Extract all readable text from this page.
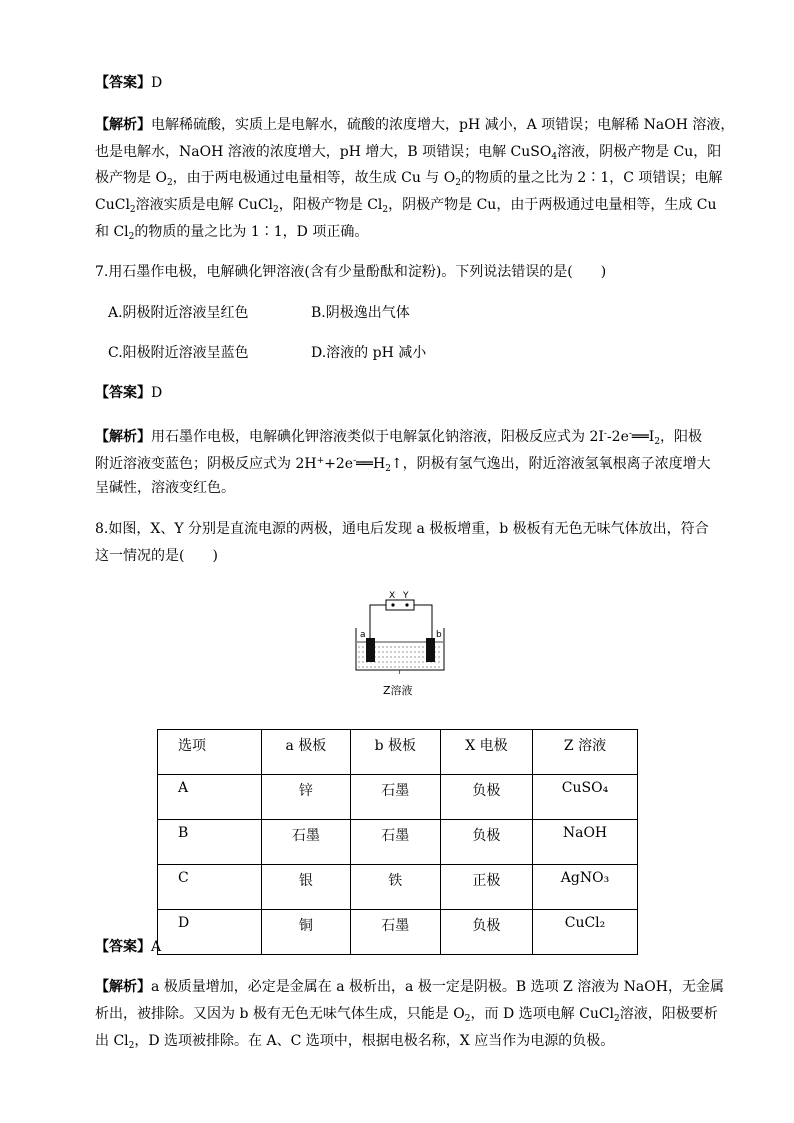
【答案】D
【解析】电解稀硫酸，实质上是电解水，硫酸的浓度增大，pH 减小，A 项错误；电解稀 NaOH 溶液，
也是电解水，NaOH 溶液的浓度增大，pH 增大，B 项错误；电解 CuSO$_4$溶液，阴极产物是 Cu，阳
极产物是 $O_2$，由于两电极通过电量相等，故生成 Cu 与 $O_2$的物质的量之比为 2∶1，C 项错误；电解
CuCl$_2$溶液实质是电解 CuCl$_2$，阳极产物是 $Cl_2$，阴极产物是 Cu，由于两极通过电量相等，生成 Cu
和 $Cl_2$的物质的量之比为 1∶1，D 项正确。
7.用石墨作电极，电解碘化钾溶液(含有少量酚酞和淀粉)。下列说法错误的是(　　)
A.阴极附近溶液呈红色	B.阴极逸出气体
C.阳极附近溶液呈蓝色	D.溶液的 pH 减小
【答案】D
【解析】用石墨作电极，电解碘化钾溶液类似于电解氯化钠溶液，阳极反应式为 $2I^--2e^-══I_2$，阳极
附近溶液变蓝色；阴极反应式为 $2H^++2e^-══H_2↑$，阴极有氢气逸出，附近溶液氢氧根离子浓度增大
呈碱性，溶液变红色。
8.如图，X、Y 分别是直流电源的两极，通电后发现 a 极板增重，b 极板有无色无味气体放出，符合
这一情况的是(　　)
X Y
a	b
Z溶液
选项	a 极板	b 极板	X 电极	Z 溶液
A	锌	石墨	负极	CuSO₄
B	石墨	石墨	负极	NaOH
C	银	铁	正极	AgNO₃
D	铜	石墨	负极	CuCl₂
【答案】A
【解析】a 极质量增加，必定是金属在 a 极析出，a 极一定是阴极。B 选项 Z 溶液为 NaOH，无金属
析出，被排除。又因为 b 极有无色无味气体生成，只能是 $O_2$，而 D 选项电解 CuCl$_2$溶液，阳极要析
出 $Cl_2$，D 选项被排除。在 A、C 选项中，根据电极名称，X 应当作为电源的负极。
